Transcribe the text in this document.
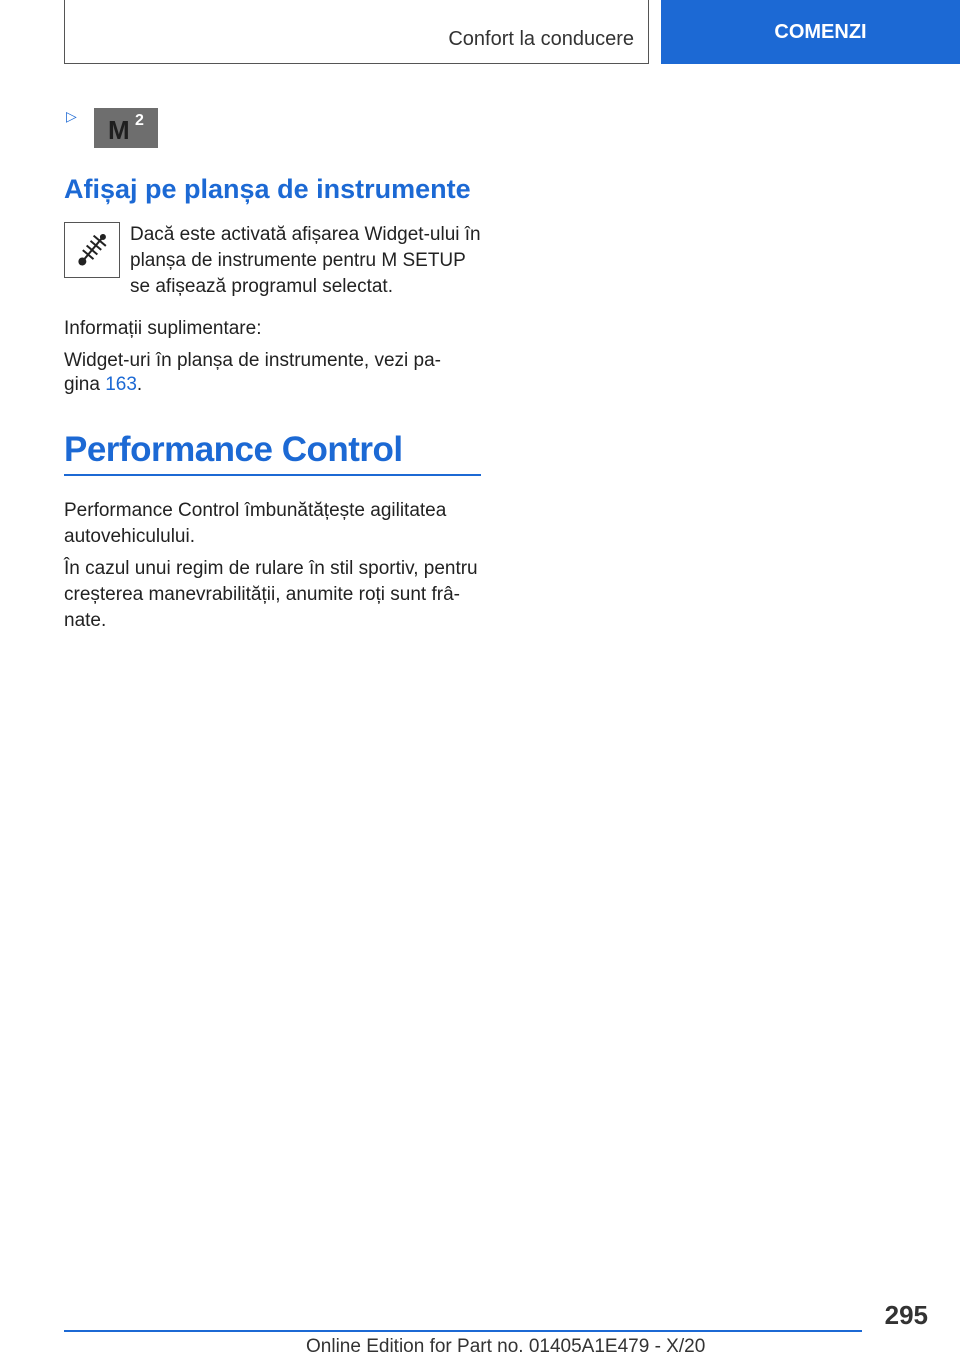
Confort la conducere	COMENZI
▷ M 2
Afișaj pe planșa de instrumente

Dacă este activată afișarea Widget-ului în

planșa de instrumente pentru M SETUP

se afișează programul selectat.

Informații suplimentare:

Widget-uri în planșa de instrumente, vezi pa‐

gina 163.

Performance Control

Performance Control îmbunătățește agilitatea

autovehiculului.

În cazul unui regim de rulare în stil sportiv, pentru

creșterea manevrabilității, anumite roți sunt frâ‐

nate.

295
Online Edition for Part no. 01405A1E479 - X/20
